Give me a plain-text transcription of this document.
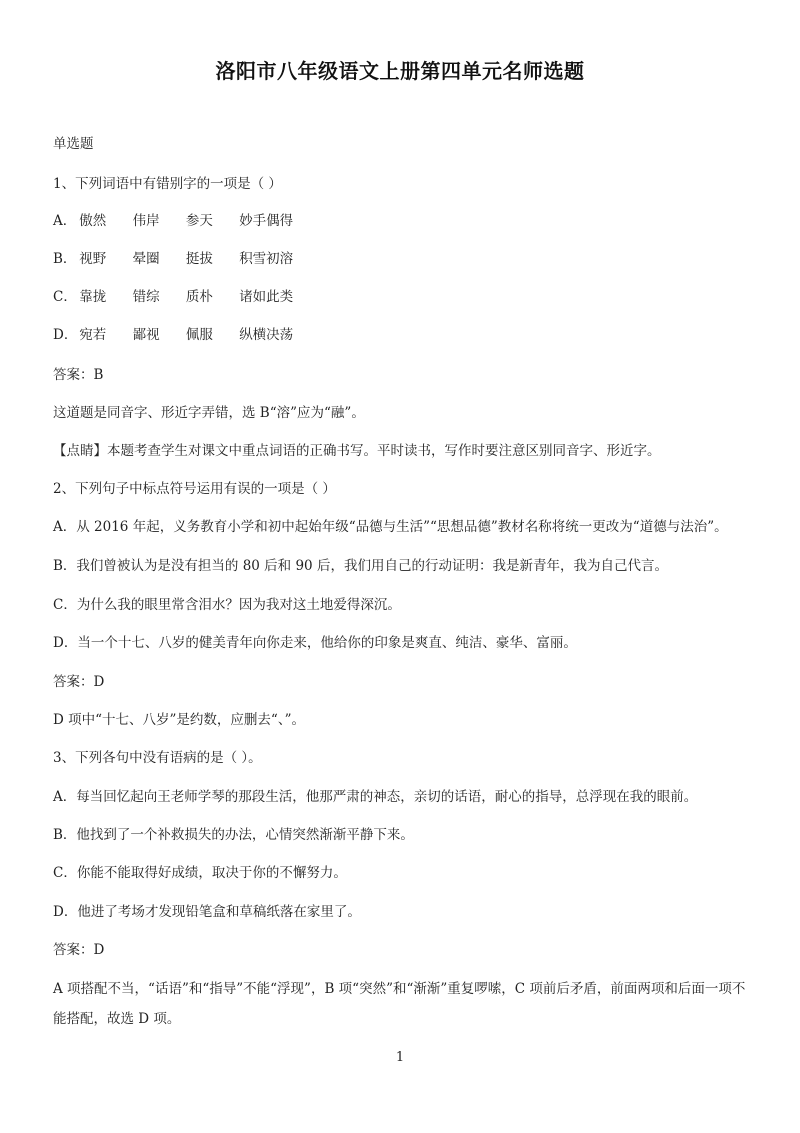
洛阳市八年级语文上册第四单元名师选题
单选题
1、下列词语中有错别字的一项是（ ）
A． 傲然 伟岸 参天 妙手偶得
B． 视野 晕圈 挺拔 积雪初溶
C． 靠拢 错综 质朴 诸如此类
D． 宛若 鄙视 佩服 纵横决荡
答案：B
这道题是同音字、形近字弄错，选 B“溶”应为“融”。
【点睛】本题考查学生对课文中重点词语的正确书写。平时读书，写作时要注意区别同音字、形近字。
2、下列句子中标点符号运用有误的一项是（ ）
A．从 2016 年起，义务教育小学和初中起始年级“品德与生活”“思想品德”教材名称将统一更改为“道德与法治”。
B．我们曾被认为是没有担当的 80 后和 90 后，我们用自己的行动证明：我是新青年，我为自己代言。
C．为什么我的眼里常含泪水？因为我对这土地爱得深沉。
D．当一个十七、八岁的健美青年向你走来，他给你的印象是爽直、纯洁、豪华、富丽。
答案：D
D 项中“十七、八岁”是约数，应删去“、”。
3、下列各句中没有语病的是（ ）。
A．每当回忆起向王老师学琴的那段生活，他那严肃的神态，亲切的话语，耐心的指导，总浮现在我的眼前。
B．他找到了一个补救损失的办法，心情突然渐渐平静下来。
C．你能不能取得好成绩，取决于你的不懈努力。
D．他进了考场才发现铅笔盒和草稿纸落在家里了。
答案：D
A 项搭配不当，“话语”和“指导”不能“浮现”，B 项“突然”和“渐渐”重复啰嗦，C 项前后矛盾，前面两项和后面一项不能搭配，故选 D 项。
1
